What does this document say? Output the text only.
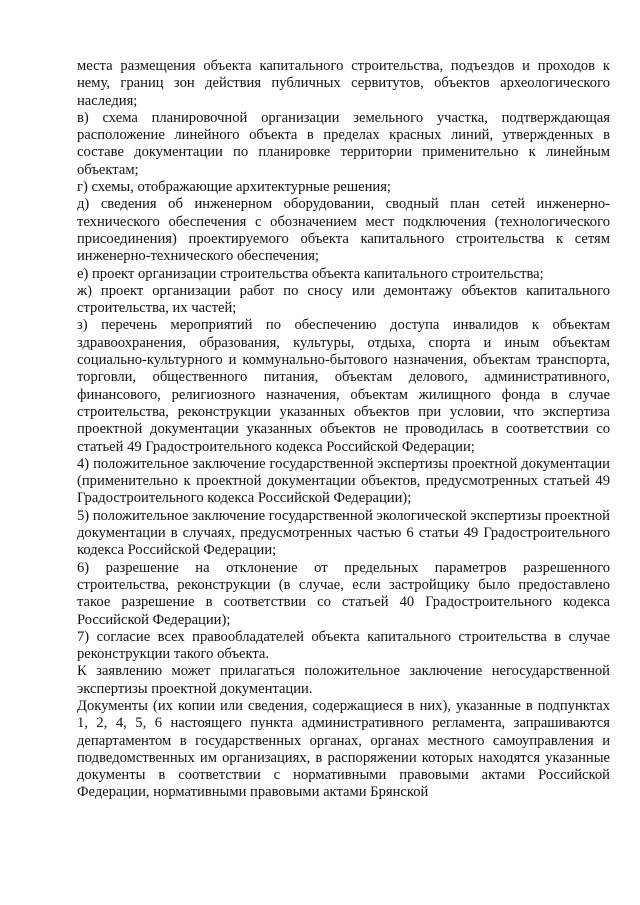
места размещения объекта капитального строительства, подъездов и проходов к нему, границ зон действия публичных сервитутов, объектов археологического наследия;

в) схема планировочной организации земельного участка, подтверждающая расположение линейного объекта в пределах красных линий, утвержденных в составе документации по планировке территории применительно к линейным объектам;

г) схемы, отображающие архитектурные решения;

д) сведения об инженерном оборудовании, сводный план сетей инженерно-технического обеспечения с обозначением мест подключения (технологического присоединения) проектируемого объекта капитального строительства к сетям инженерно-технического обеспечения;

е) проект организации строительства объекта капитального строительства;

ж) проект организации работ по сносу или демонтажу объектов капитального строительства, их частей;

з) перечень мероприятий по обеспечению доступа инвалидов к объектам здравоохранения, образования, культуры, отдыха, спорта и иным объектам социально-культурного и коммунально-бытового назначения, объектам транспорта, торговли, общественного питания, объектам делового, административного, финансового, религиозного назначения, объектам жилищного фонда в случае строительства, реконструкции указанных объектов при условии, что экспертиза проектной документации указанных объектов не проводилась в соответствии со статьей 49 Градостроительного кодекса Российской Федерации;

4) положительное заключение государственной экспертизы проектной документации (применительно к проектной документации объектов, предусмотренных статьей 49 Градостроительного кодекса Российской Федерации);

5) положительное заключение государственной экологической экспертизы проектной документации в случаях, предусмотренных частью 6 статьи 49 Градостроительного кодекса Российской Федерации;

6) разрешение на отклонение от предельных параметров разрешенного строительства, реконструкции (в случае, если застройщику было предоставлено такое разрешение в соответствии со статьей 40 Градостроительного кодекса Российской Федерации);

7) согласие всех правообладателей объекта капитального строительства в случае реконструкции такого объекта.

К заявлению может прилагаться положительное заключение негосударственной экспертизы проектной документации.

Документы (их копии или сведения, содержащиеся в них), указанные в подпунктах 1, 2, 4, 5, 6 настоящего пункта административного регламента, запрашиваются департаментом в государственных органах, органах местного самоуправления и подведомственных им организациях, в распоряжении которых находятся указанные документы в соответствии с нормативными правовыми актами Российской Федерации, нормативными правовыми актами Брянской
